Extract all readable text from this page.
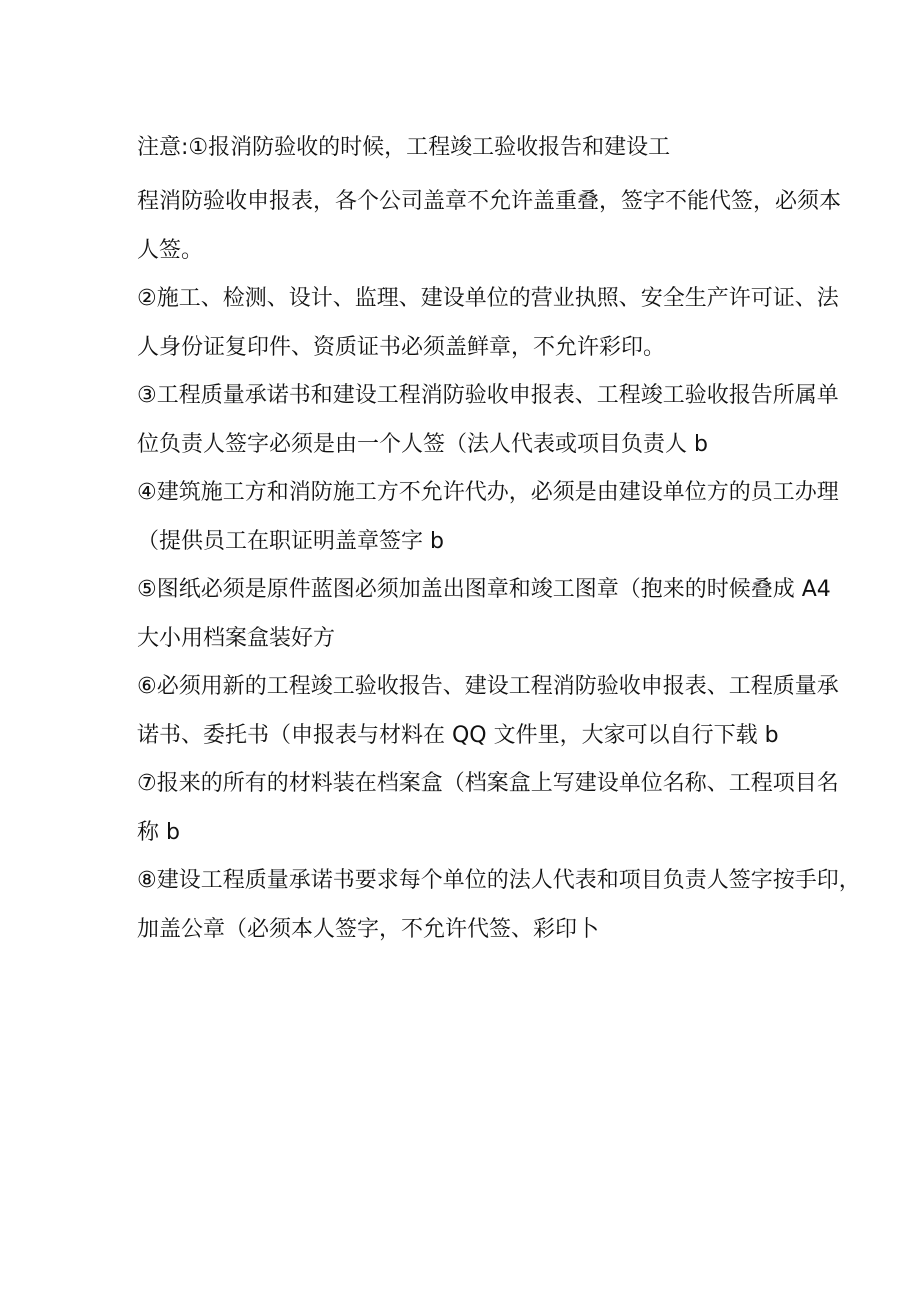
注意:①报消防验收的时候，工程竣工验收报告和建设工
程消防验收申报表，各个公司盖章不允许盖重叠，签字不能代签，必须本
人签。
②施工、检测、设计、监理、建设单位的营业执照、安全生产许可证、法
人身份证复印件、资质证书必须盖鲜章，不允许彩印。
③工程质量承诺书和建设工程消防验收申报表、工程竣工验收报告所属单
位负责人签字必须是由一个人签（法人代表或项目负责人 b
④建筑施工方和消防施工方不允许代办，必须是由建设单位方的员工办理
（提供员工在职证明盖章签字 b
⑤图纸必须是原件蓝图必须加盖出图章和竣工图章（抱来的时候叠成 A4
大小用档案盒装好方
⑥必须用新的工程竣工验收报告、建设工程消防验收申报表、工程质量承
诺书、委托书（申报表与材料在 QQ 文件里，大家可以自行下载 b
⑦报来的所有的材料装在档案盒（档案盒上写建设单位名称、工程项目名
称 b
⑧建设工程质量承诺书要求每个单位的法人代表和项目负责人签字按手印，
加盖公章（必须本人签字，不允许代签、彩印卜
